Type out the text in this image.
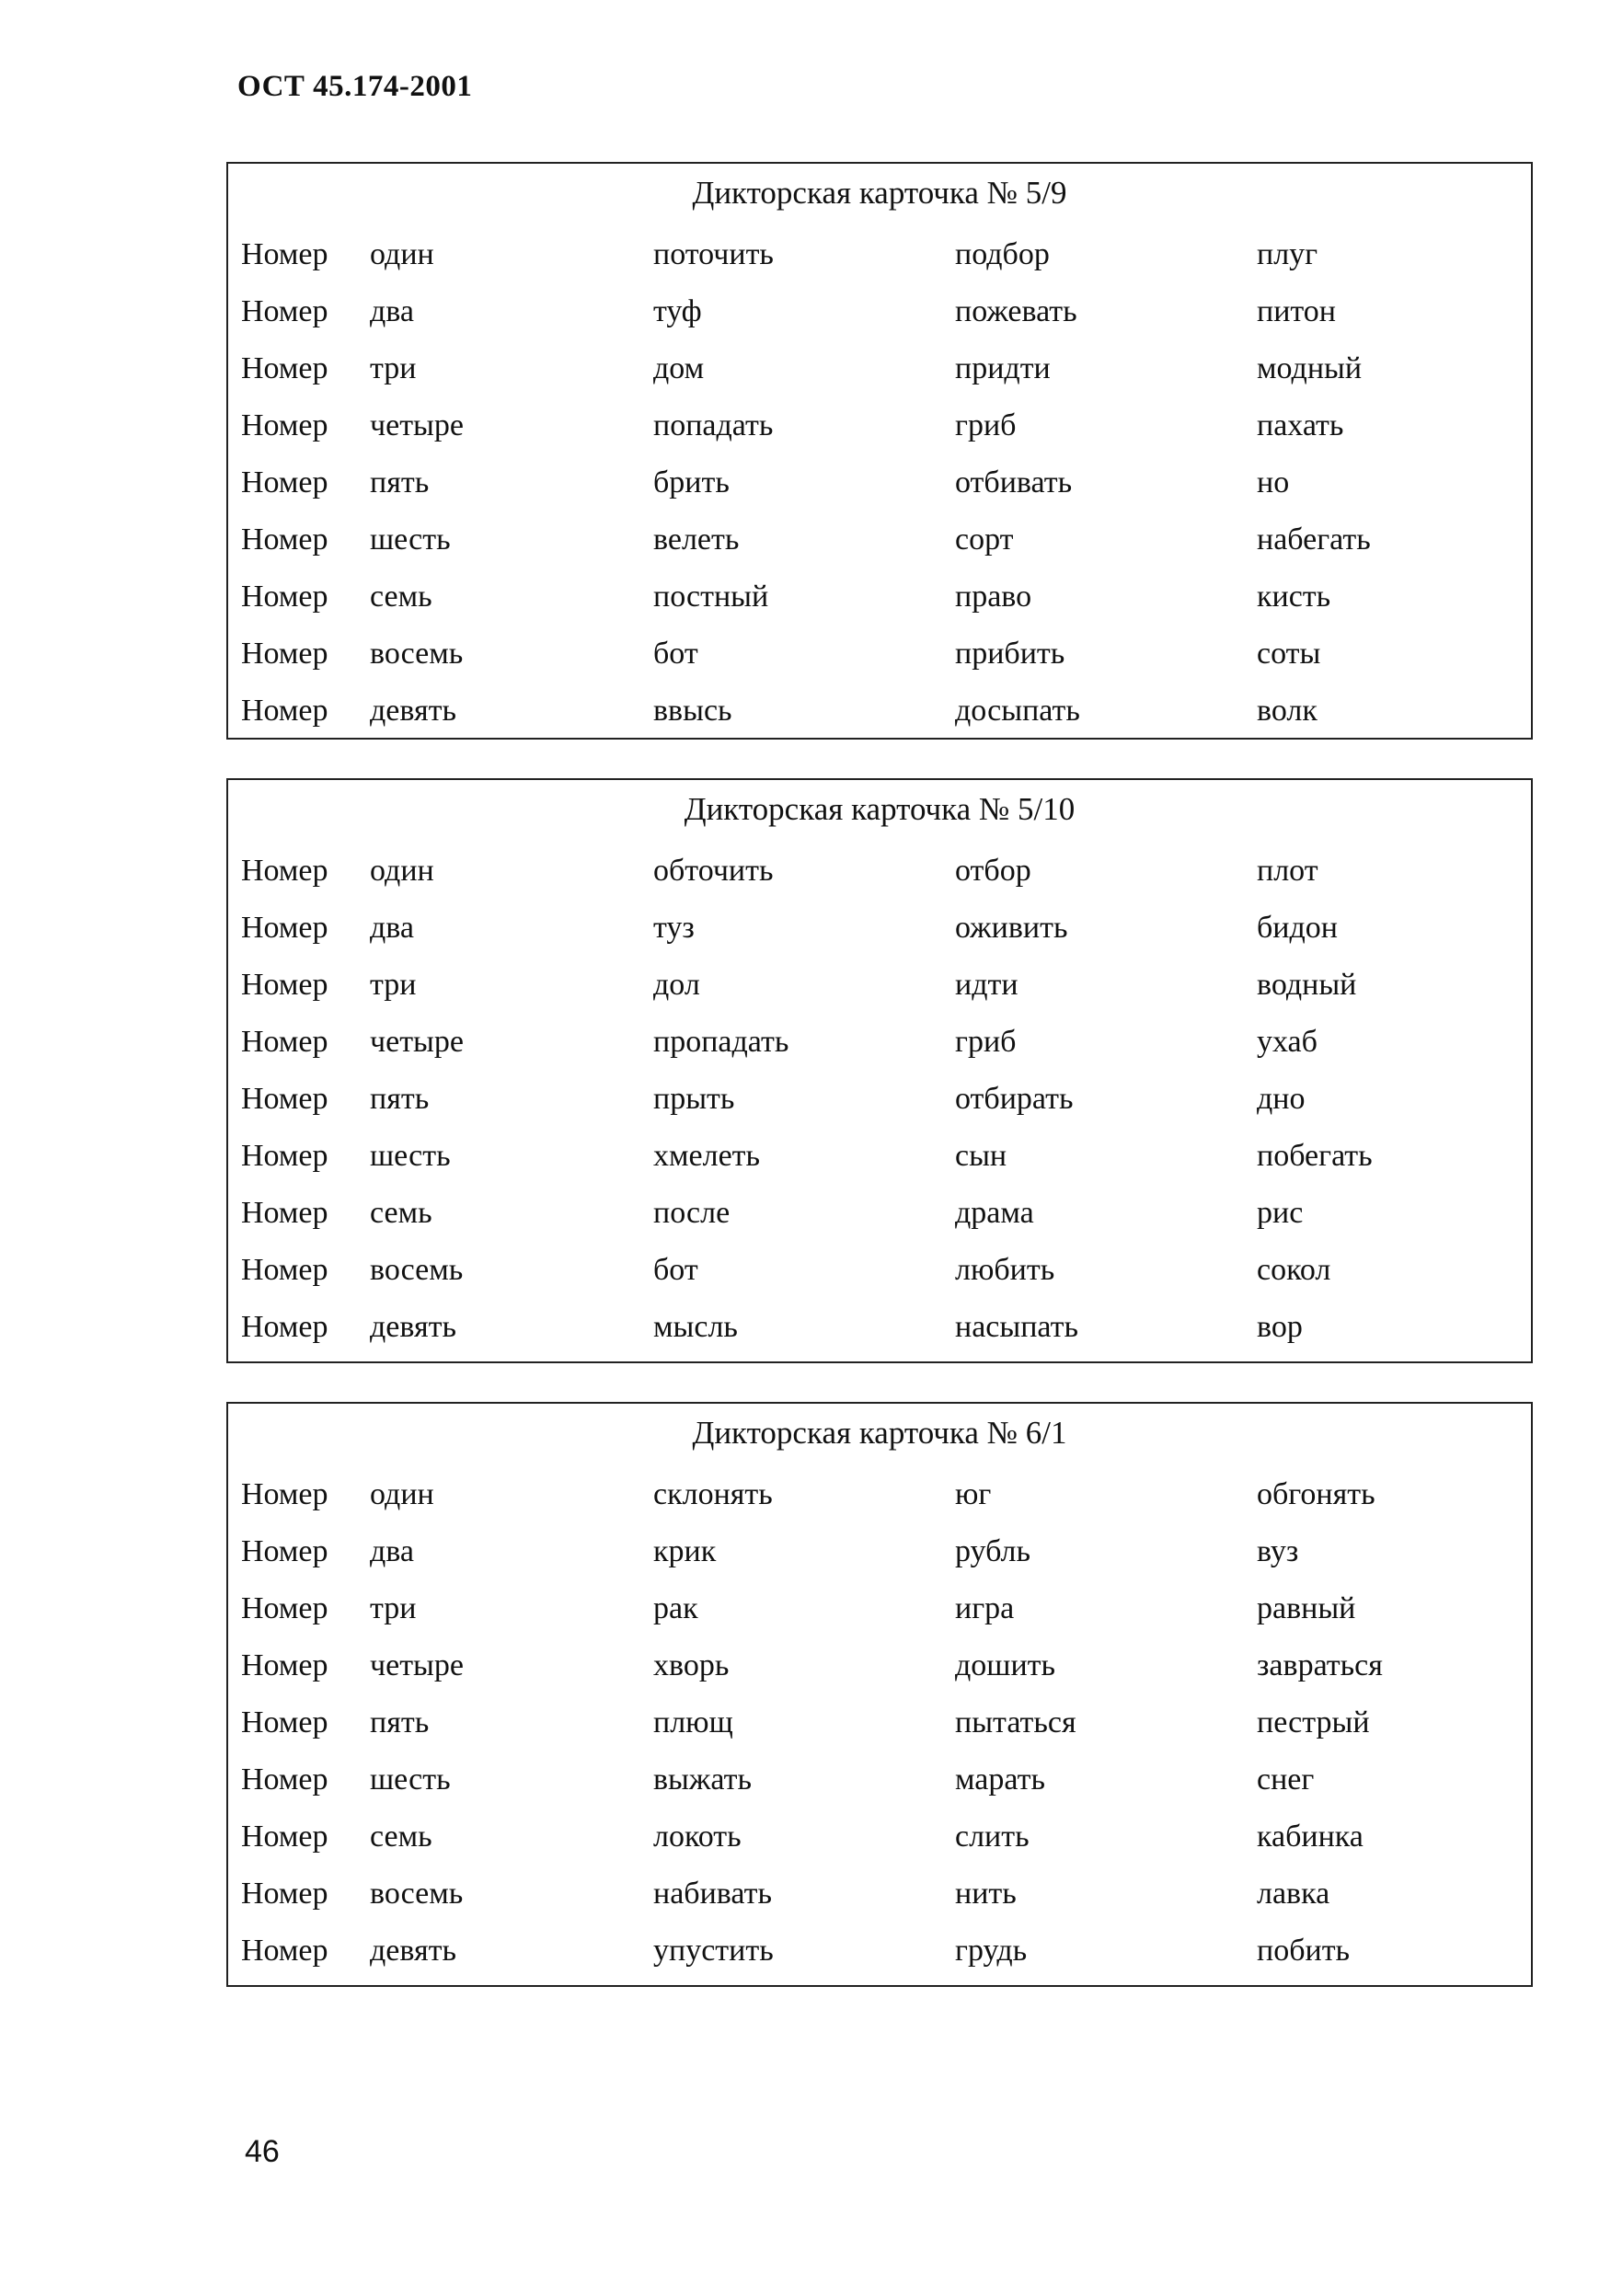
ОСТ 45.174-2001
Дикторская карточка № 5/9
Номер один	поточить	подбор	плуг
Номер два	туф	пожевать	питон
Номер три	дом	придти	модный
Номер четыре	попадать	гриб	пахать
Номер пять	брить	отбивать	но
Номер шесть	велеть	сорт	набегать
Номер семь	постный	право	кисть
Номер восемь	бот	прибить	соты
Номер девять	ввысь	досыпать	волк
Дикторская карточка № 5/10
Номер один	обточить	отбор	плот
Номер два	туз	оживить	бидон
Номер три	дол	идти	водный
Номер четыре	пропадать	гриб	ухаб
Номер пять	прыть	отбирать	дно
Номер шесть	хмелеть	сын	побегать
Номер семь	после	драма	рис
Номер восемь	бот	любить	сокол
Номер девять	мысль	насыпать	вор
Дикторская карточка № 6/1
Номер один	склонять	юг	обгонять
Номер два	крик	рубль	вуз
Номер три	рак	игра	равный
Номер четыре	хворь	дошить	завраться
Номер пять	плющ	пытаться	пестрый
Номер шесть	выжать	марать	снег
Номер семь	локоть	слить	кабинка
Номер восемь	набивать	нить	лавка
Номер девять	упустить	грудь	побить
46
